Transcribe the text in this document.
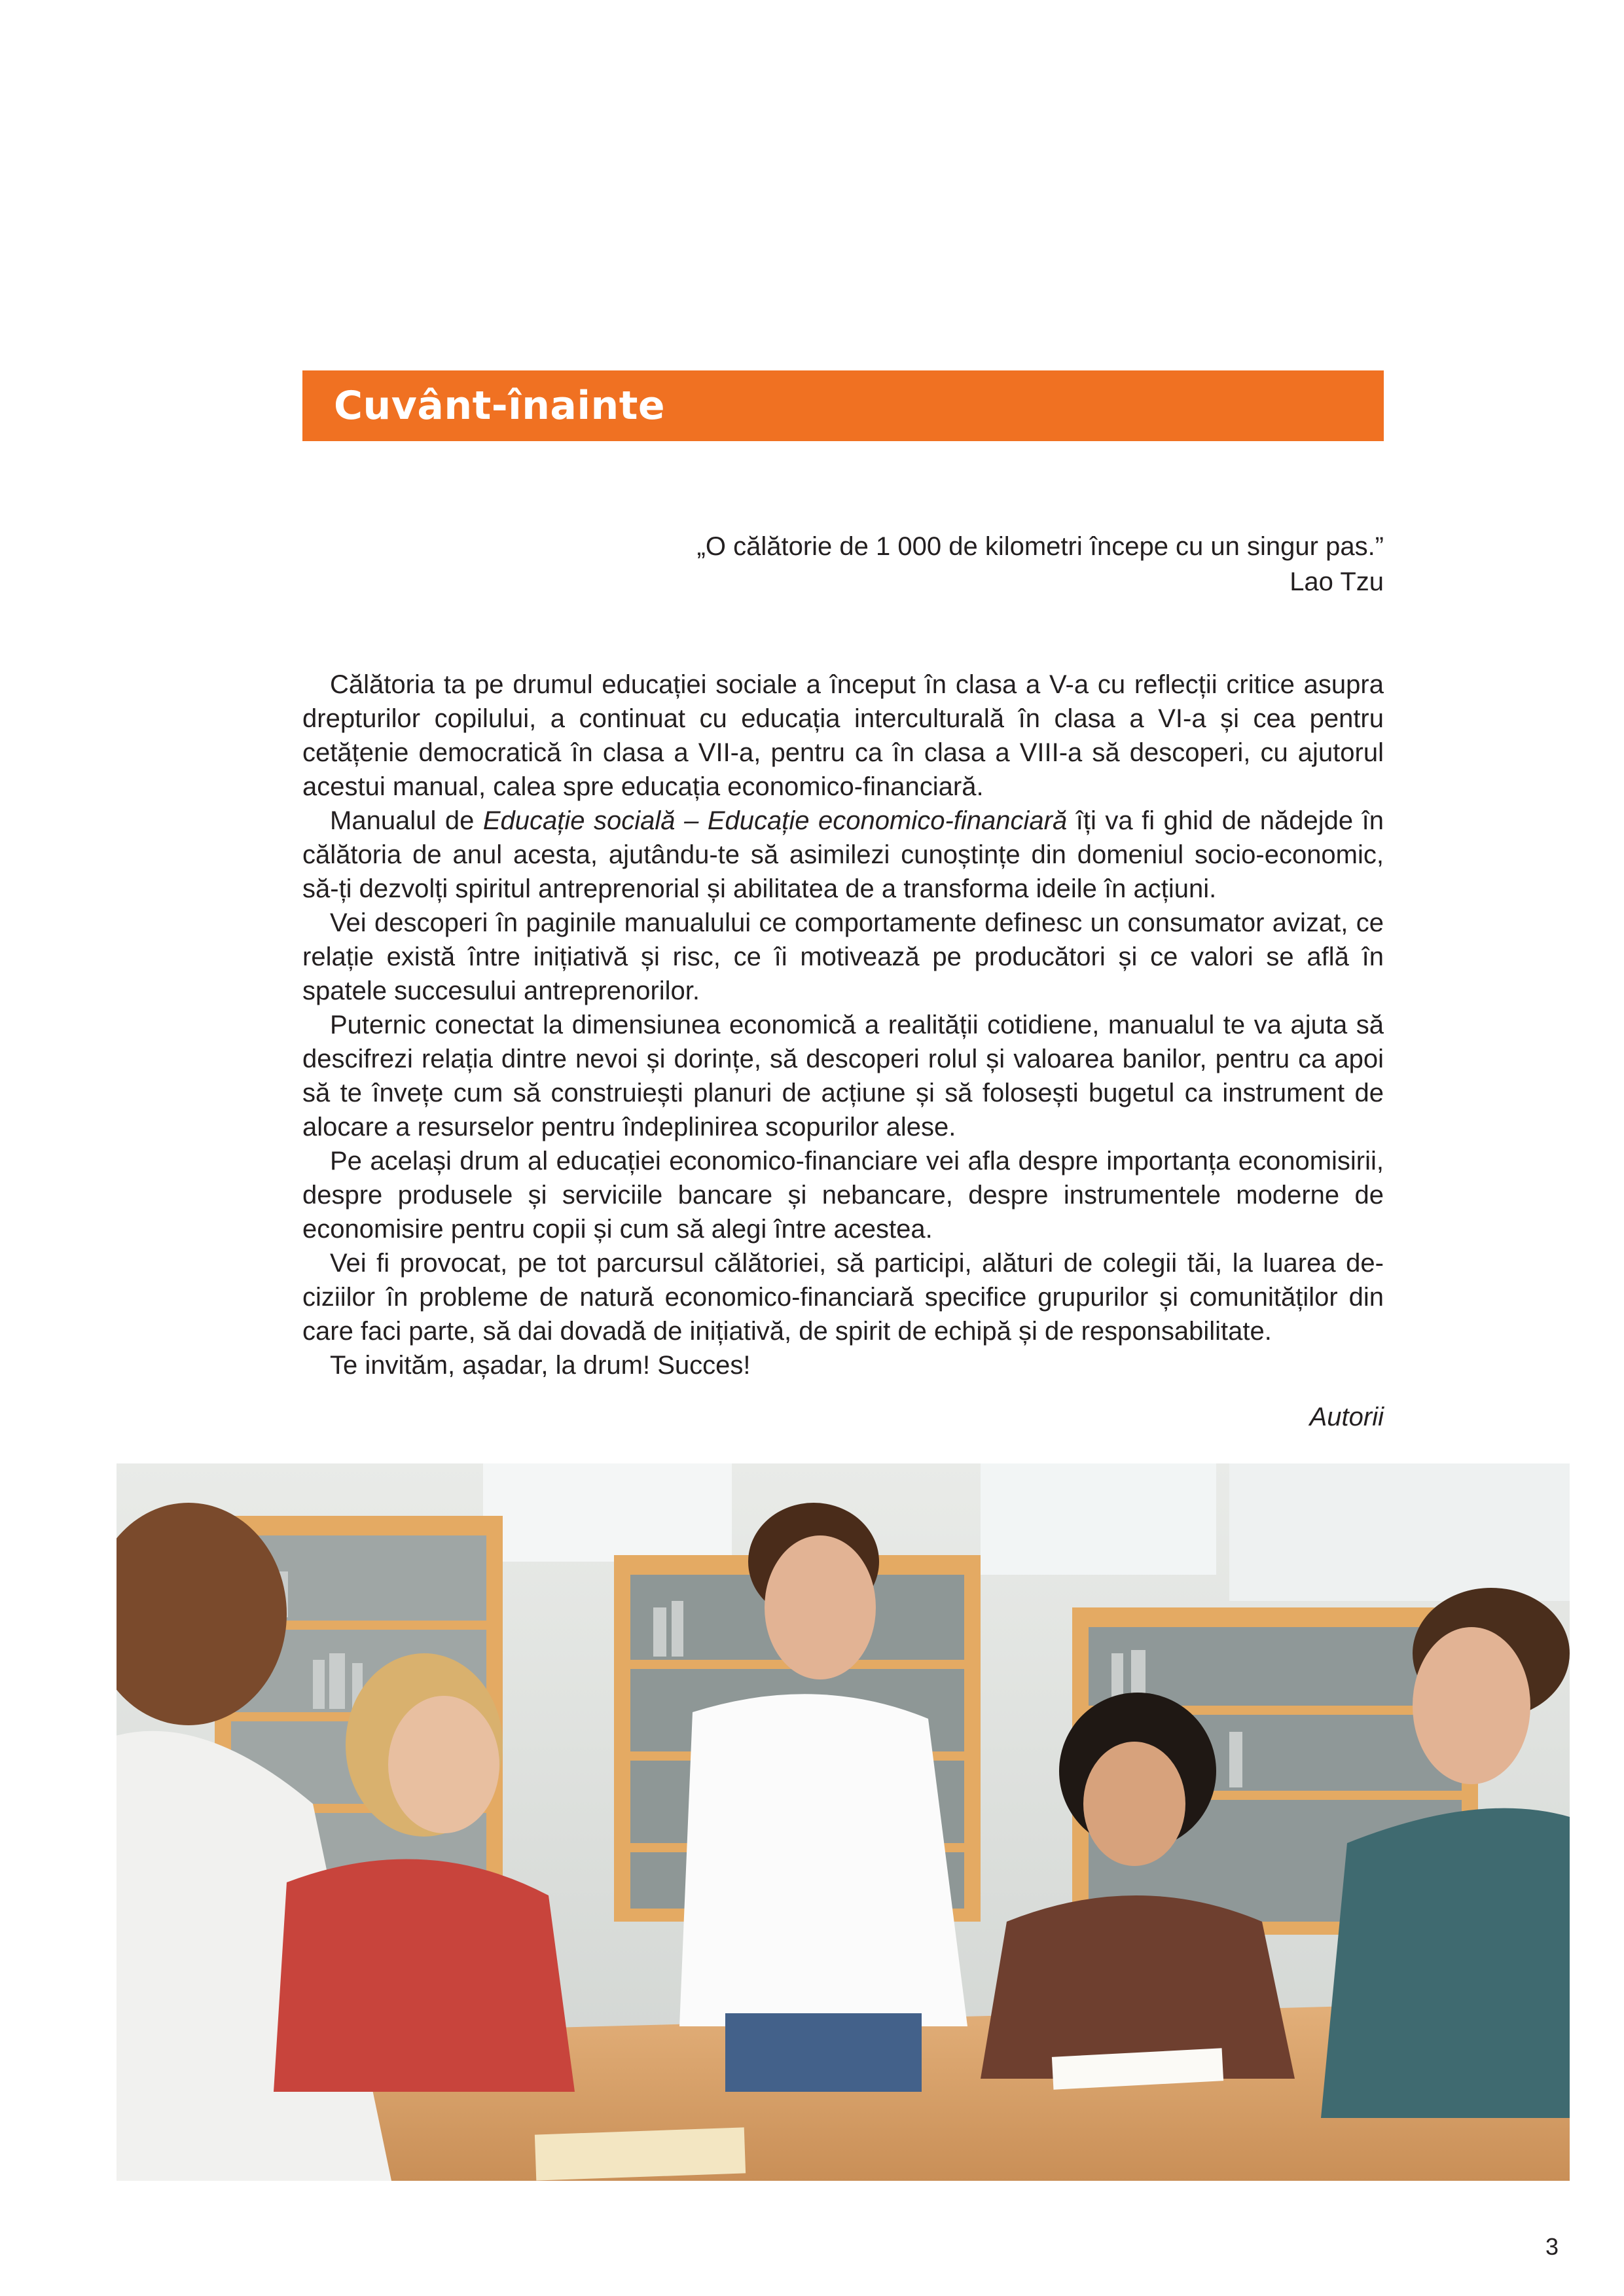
Cuvânt-înainte

„O călătorie de 1 000 de kilometri începe cu un singur pas.”

Lao Tzu

Călătoria ta pe drumul educației sociale a început în clasa a V-a cu reflecții critice asupra drepturilor copilului, a continuat cu educația interculturală în clasa a VI-a și cea pentru cetățenie democratică în clasa a VII-a, pentru ca în clasa a VIII-a să descoperi, cu ajutorul acestui manual, calea spre educația economico-financiară.

Manualul de Educație socială – Educație economico-financiară îți va fi ghid de nădejde în călătoria de anul acesta, ajutându-te să asimilezi cunoștințe din domeniul socio-economic, să-ți dezvolți spiritul antreprenorial și abilitatea de a transforma ideile în acțiuni.

Vei descoperi în paginile manualului ce comportamente definesc un consumator avizat, ce relație există între inițiativă și risc, ce îi motivează pe producători și ce valori se află în spatele succesului antreprenorilor.

Puternic conectat la dimensiunea economică a realității cotidiene, manualul te va ajuta să descifrezi relația dintre nevoi și dorințe, să descoperi rolul și valoarea banilor, pentru ca apoi să te învețe cum să construiești planuri de acțiune și să folosești bugetul ca instrument de alocare a resurselor pentru îndeplinirea scopurilor alese.

Pe același drum al educației economico-financiare vei afla despre importanța economisirii, despre produsele și serviciile bancare și nebancare, despre instrumentele moderne de economisire pentru copii și cum să alegi între acestea.

Vei fi provocat, pe tot parcursul călătoriei, să participi, alături de colegii tăi, la luarea deciziilor în probleme de natură economico-financiară specifice grupurilor și comunităților din care faci parte, să dai dovadă de inițiativă, de spirit de echipă și de responsabilitate.

Te invităm, așadar, la drum! Succes!

Autorii
3
